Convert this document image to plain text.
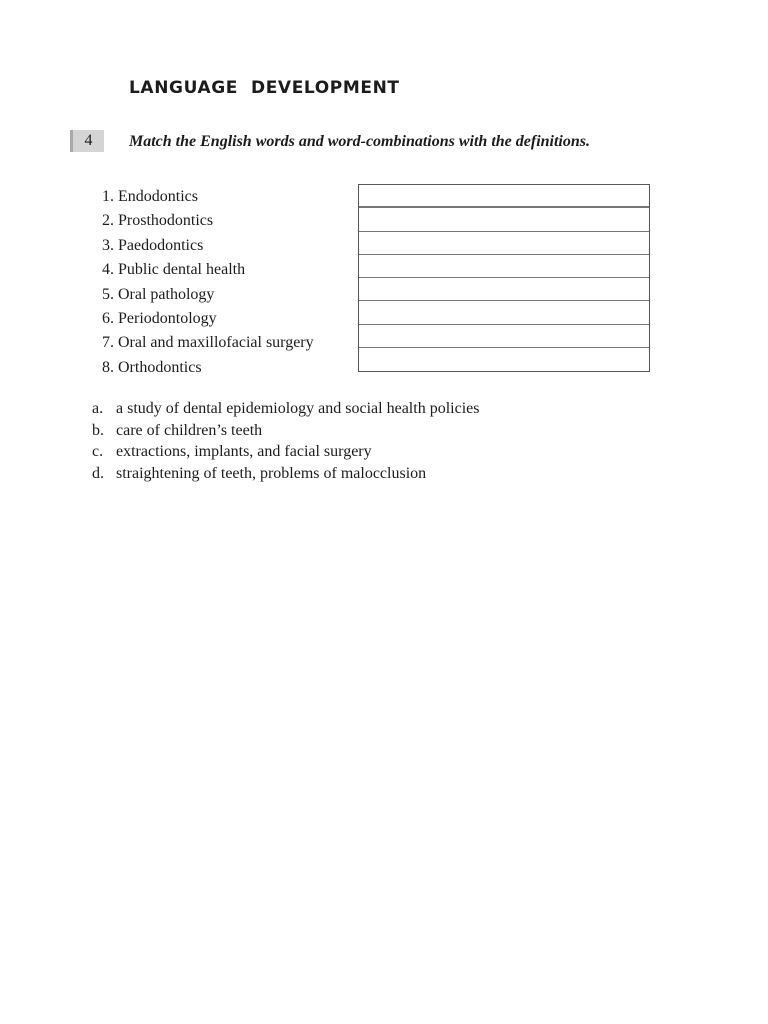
LANGUAGE  DEVELOPMENT
4	Match the English words and word-combinations with the definitions.
1. Endodontics
2. Prosthodontics
3. Paedodontics
4. Public dental health
5. Oral pathology
6. Periodontology
7. Oral and maxillofacial surgery
8. Orthodontics
a. a study of dental epidemiology and social health policies
b. care of children’s teeth
c. extractions, implants, and facial surgery
d. straightening of teeth, problems of malocclusion
